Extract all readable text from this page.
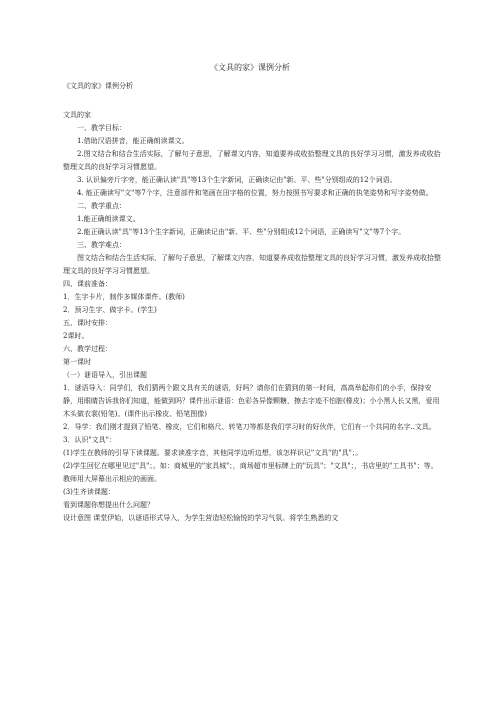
《文具的家》课例分析

《文具的家》课例分析

文具的家

一、教学目标：

1.借助汉语拼音，能正确朗读课文。

2.图文结合和结合生活实际，了解句子意思，了解课文内容，知道要养成收拾整理文具的良好学习习惯，激发养成收拾整理文具的良好学习习惯愿望。

3. 认识偏旁斤字旁，能正确认读"具"等13个生字新词，正确读记由"新、平、些"分别组成的12个词语。

4. 能正确读写"文"等7个字，注意部件和笔画在田字格的位置，努力按照书写要求和正确的执笔姿势和写字姿势做。

二、教学重点：

1.能正确朗读课文。

2.能正确认读"具"等13个生字新词，正确读记由"新、平、些"分别组成12个词语，正确读写"文"等7个字。

三、教学难点：

图文结合和结合生活实际，了解句子意思，了解课文内容，知道要养成收拾整理文具的良好学习习惯，激发养成收拾整理文具的良好学习习惯愿望。

四、课前准备：

1．生字卡片，制作多媒体课件。(教师)

2．预习生字、做字卡。(学生)

五、课时安排：

2课时。

六、教学过程：

第一课时

（一）谜语导入，引出课题

1．谜语导入：同学们，我们猜两个跟文具有关的谜语，好吗？请你们在猜到的第一时间，高高举起你们的小手，保持安静，用眼睛告诉我你们知道，能做到吗？课件出示谜语：色彩各异像颗糖，擦去字迹不怕脏(橡皮)；小小黑人长又黑，爱用木头做衣裳(铅笔)。(课件出示橡皮、铅笔图像)

2．导学：我们刚才提到了铅笔、橡皮，它们和格尺、转笔刀等都是我们学习时的好伙伴，它们有一个共同的名字..文具。

3．认识"文具"：

(1)学生在教师的引导下读课题。要求读准字音，其他同学边听边想，该怎样识记"文具"的"具"；。

(2)学生回忆在哪里见过"具"；。如：商城里的"家具城"；，商场超市里标牌上的"玩具"；"文具"；，书店里的"工具书"；等。教师用大屏幕出示相应的画面。

(3)生齐读课题：

看到课题你想提出什么问题？

设计意图 课堂伊始，以谜语形式导入，为学生营造轻松愉悦的学习气氛。将学生熟悉的文
